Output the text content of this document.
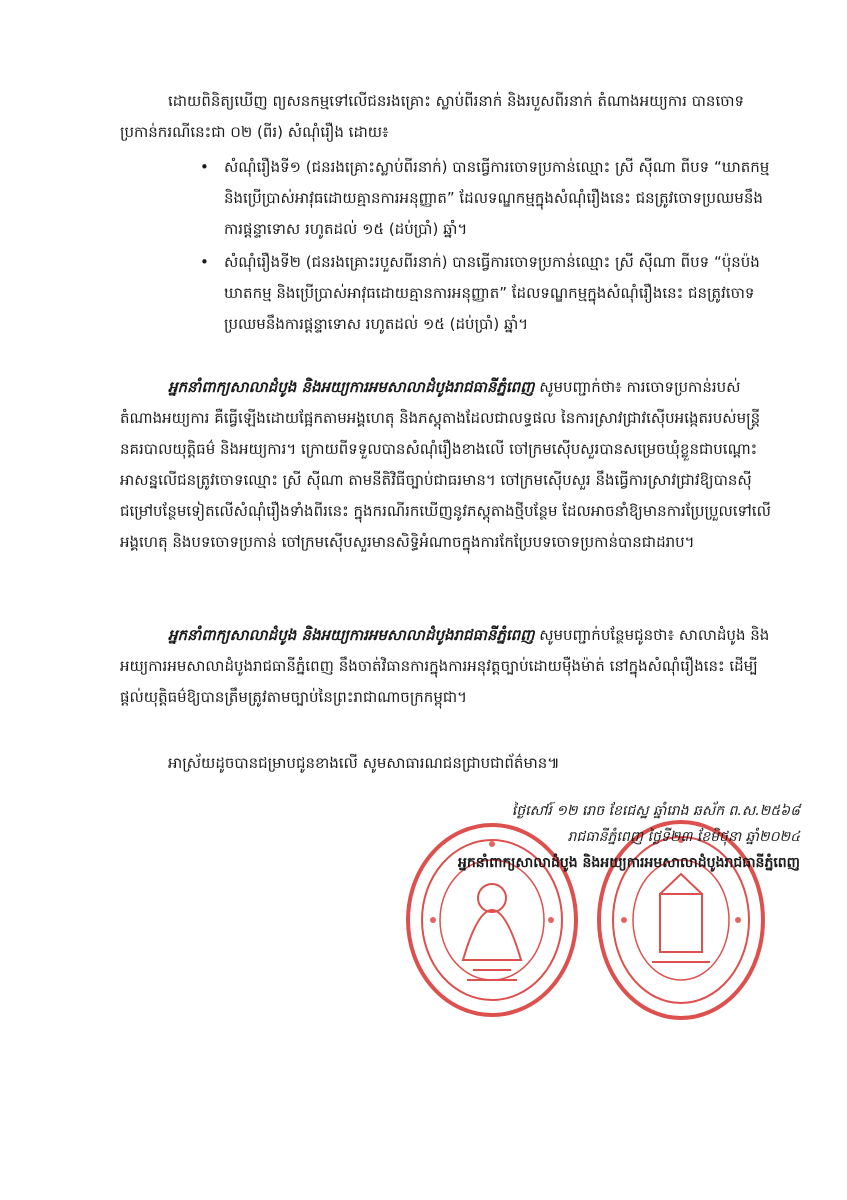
ដោយពិនិត្យឃើញ ព្យសនកម្មទៅលើជនរងគ្រោះ ស្លាប់ពីរនាក់ និងរបួសពីរនាក់ តំណាងអយ្យការ បានចោទប្រកាន់ករណីនេះជា ០២ (ពីរ) សំណុំរឿង ដោយ៖

• សំណុំរឿងទី១ (ជនរងគ្រោះស្លាប់ពីរនាក់) បានធ្វើការចោទប្រកាន់ឈ្មោះ ស្រី ស៊ីណា ពីបទ “ឃាតកម្ម និងប្រើប្រាស់អាវុធដោយគ្មានការអនុញ្ញាត” ដែលទណ្ឌកម្មក្នុងសំណុំរឿងនេះ ជនត្រូវចោទប្រឈមនឹងការផ្តន្ទាទោស រហូតដល់ ១៥ (ដប់ប្រាំ) ឆ្នាំ។
• សំណុំរឿងទី២ (ជនរងគ្រោះរបួសពីរនាក់) បានធ្វើការចោទប្រកាន់ឈ្មោះ ស្រី ស៊ីណា ពីបទ “ប៉ុនប៉ងឃាតកម្ម និងប្រើប្រាស់អាវុធដោយគ្មានការអនុញ្ញាត” ដែលទណ្ឌកម្មក្នុងសំណុំរឿងនេះ ជនត្រូវចោទប្រឈមនឹងការផ្តន្ទាទោស រហូតដល់ ១៥ (ដប់ប្រាំ) ឆ្នាំ។

អ្នកនាំពាក្យសាលាដំបូង និងអយ្យការអមសាលាដំបូងរាជធានីភ្នំពេញ សូមបញ្ជាក់ថា៖ ការចោទប្រកាន់របស់តំណាងអយ្យការ គឺធ្វើឡើងដោយផ្អែកតាមអង្គហេតុ និងភស្តុតាងដែលជាលទ្ធផល នៃការស្រាវជ្រាវស៊ើបអង្កេតរបស់មន្ត្រីនគរបាលយុត្តិធម៌ និងអយ្យការ។ ក្រោយពីទទួលបានសំណុំរឿងខាងលើ ចៅក្រមស៊ើបសួរបានសម្រេចឃុំខ្លួនជាបណ្តោះអាសន្នលើជនត្រូវចោទឈ្មោះ ស្រី ស៊ីណា តាមនីតិវិធីច្បាប់ជាធរមាន។ ចៅក្រមស៊ើបសួរ នឹងធ្វើការស្រាវជ្រាវឱ្យបានស៊ីជម្រៅបន្ថែមទៀតលើសំណុំរឿងទាំងពីរនេះ ក្នុងករណីរកឃើញនូវភស្តុតាងថ្មីបន្ថែម ដែលអាចនាំឱ្យមានការប្រែប្រួលទៅលើអង្គហេតុ និងបទចោទប្រកាន់ ចៅក្រមស៊ើបសួរមានសិទ្ធិអំណាចក្នុងការកែប្រែបទចោទប្រកាន់បានជាដរាប។

អ្នកនាំពាក្យសាលាដំបូង និងអយ្យការអមសាលាដំបូងរាជធានីភ្នំពេញ សូមបញ្ជាក់បន្ថែមជូនថា៖ សាលាដំបូង និងអយ្យការអមសាលាដំបូងរាជធានីភ្នំពេញ នឹងចាត់វិធានការក្នុងការអនុវត្តច្បាប់ដោយម៉ឺងម៉ាត់ នៅក្នុងសំណុំរឿងនេះ ដើម្បីផ្តល់យុត្តិធម៌ឱ្យបានត្រឹមត្រូវតាមច្បាប់នៃព្រះរាជាណាចក្រកម្ពុជា។

អាស្រ័យដូចបានជម្រាបជូនខាងលើ សូមសាធារណជនជ្រាបជាព័ត៌មាន៕

ថ្ងៃសៅរ៍ ១២ រោច ខែជេស្ឋ ឆ្នាំរោង ឆស័ក ព.ស.២៥៦៨
រាជធានីភ្នំពេញ ថ្ងៃទី២៣ ខែមិថុនា ឆ្នាំ២០២៤
អ្នកនាំពាក្យសាលាដំបូង និងអយ្យការអមសាលាដំបូងរាជធានីភ្នំពេញ
